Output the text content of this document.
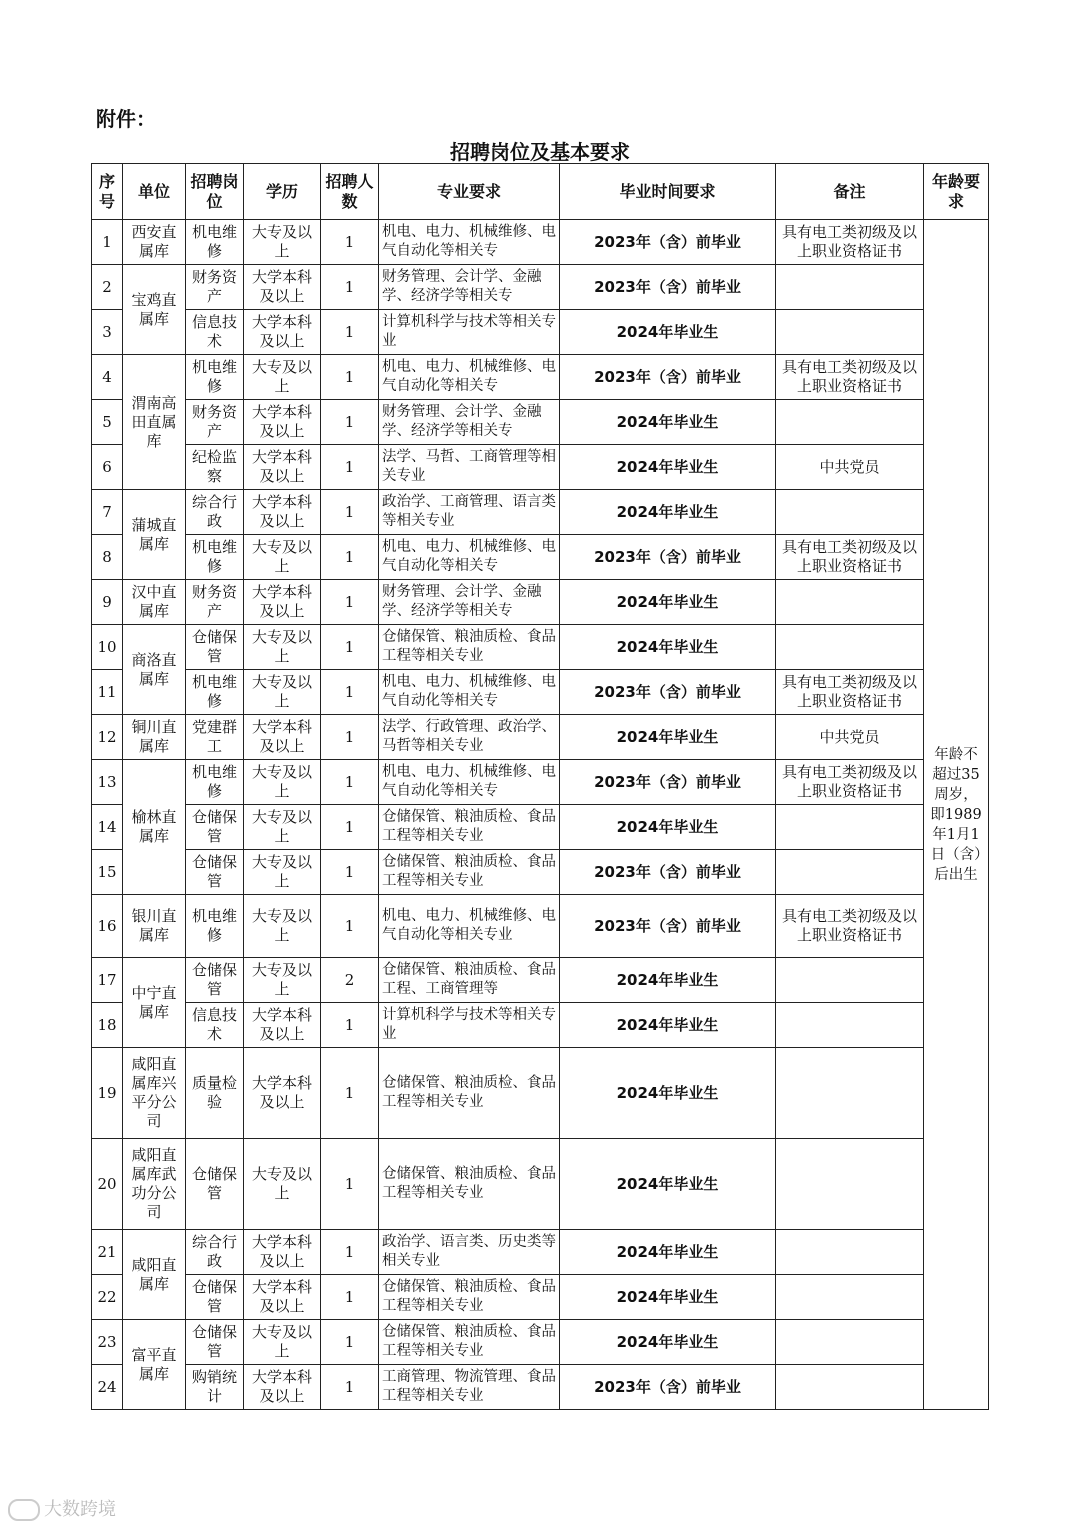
附件：
招聘岗位及基本要求
序号	单位	招聘岗位	学历	招聘人数	专业要求	毕业时间要求	备注	年龄要求
1	西安直属库	机电维修	大专及以上	1	机电、电力、机械维修、电气自动化等相关专	2023年（含）前毕业	具有电工类初级及以上职业资格证书	年龄不超过35周岁，即1989年1月1日（含）后出生
2	宝鸡直属库	财务资产	大学本科及以上	1	财务管理、会计学、金融学、经济学等相关专	2023年（含）前毕业		
3		信息技术	大学本科及以上	1	计算机科学与技术等相关专业	2024年毕业生		
4	渭南高田直属库	机电维修	大专及以上	1	机电、电力、机械维修、电气自动化等相关专	2023年（含）前毕业	具有电工类初级及以上职业资格证书	
5		财务资产	大学本科及以上	1	财务管理、会计学、金融学、经济学等相关专	2024年毕业生		
6		纪检监察	大学本科及以上	1	法学、马哲、工商管理等相关专业	2024年毕业生	中共党员	
7	蒲城直属库	综合行政	大学本科及以上	1	政治学、工商管理、语言类等相关专业	2024年毕业生		
8		机电维修	大专及以上	1	机电、电力、机械维修、电气自动化等相关专	2023年（含）前毕业	具有电工类初级及以上职业资格证书	
9	汉中直属库	财务资产	大学本科及以上	1	财务管理、会计学、金融学、经济学等相关专	2024年毕业生		
10	商洛直属库	仓储保管	大专及以上	1	仓储保管、粮油质检、食品工程等相关专业	2024年毕业生		
11		机电维修	大专及以上	1	机电、电力、机械维修、电气自动化等相关专	2023年（含）前毕业	具有电工类初级及以上职业资格证书	
12	铜川直属库	党建群工	大学本科及以上	1	法学、行政管理、政治学、马哲等相关专业	2024年毕业生	中共党员	
13	榆林直属库	机电维修	大专及以上	1	机电、电力、机械维修、电气自动化等相关专	2023年（含）前毕业	具有电工类初级及以上职业资格证书	
14		仓储保管	大专及以上	1	仓储保管、粮油质检、食品工程等相关专业	2024年毕业生		
15		仓储保管	大专及以上	1	仓储保管、粮油质检、食品工程等相关专业	2023年（含）前毕业		
16	银川直属库	机电维修	大专及以上	1	机电、电力、机械维修、电气自动化等相关专业	2023年（含）前毕业	具有电工类初级及以上职业资格证书	
17	中宁直属库	仓储保管	大专及以上	2	仓储保管、粮油质检、食品工程、工商管理等	2024年毕业生		
18		信息技术	大学本科及以上	1	计算机科学与技术等相关专业	2024年毕业生		
19	咸阳直属库兴平分公司	质量检验	大学本科及以上	1	仓储保管、粮油质检、食品工程等相关专业	2024年毕业生		
20	咸阳直属库武功分公司	仓储保管	大专及以上	1	仓储保管、粮油质检、食品工程等相关专业	2024年毕业生		
21	咸阳直属库	综合行政	大学本科及以上	1	政治学、语言类、历史类等相关专业	2024年毕业生		
22		仓储保管	大学本科及以上	1	仓储保管、粮油质检、食品工程等相关专业	2024年毕业生		
23	富平直属库	仓储保管	大专及以上	1	仓储保管、粮油质检、食品工程等相关专业	2024年毕业生		
24		购销统计	大学本科及以上	1	工商管理、物流管理、食品工程等相关专业	2023年（含）前毕业		
大数跨境
